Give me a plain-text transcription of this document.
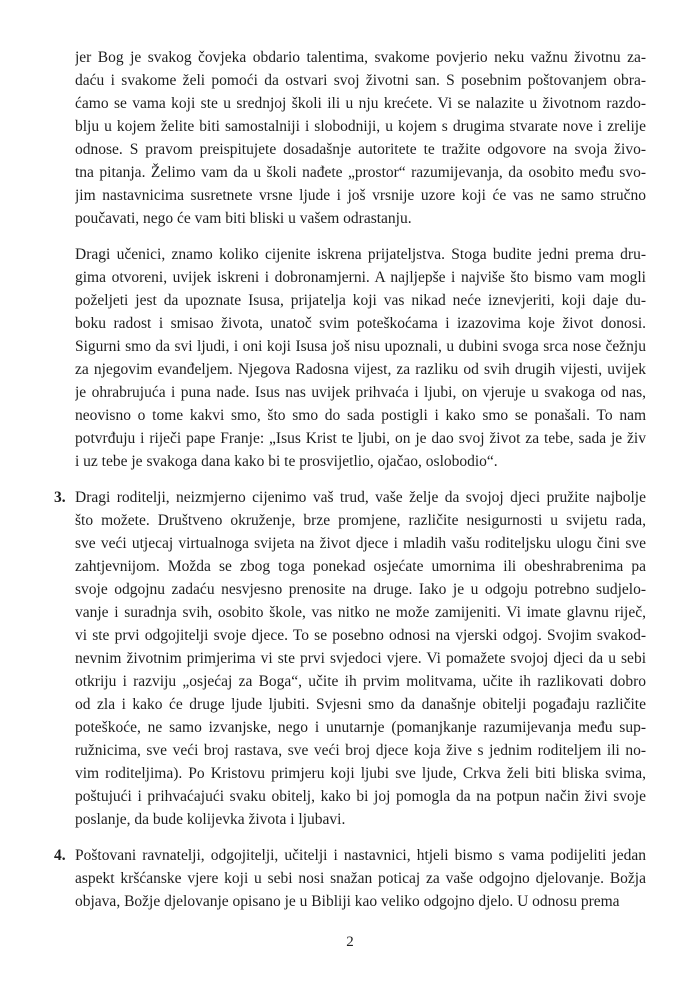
jer Bog je svakog čovjeka obdario talentima, svakome povjerio neku važnu životnu za-
daću i svakome želi pomoći da ostvari svoj životni san. S posebnim poštovanjem obra-
ćamo se vama koji ste u srednjoj školi ili u nju krećete. Vi se nalazite u životnom razdo-
blju u kojem želite biti samostalniji i slobodniji, u kojem s drugima stvarate nove i zrelije
odnose. S pravom preispitujete dosadašnje autoritete te tražite odgovore na svoja živo-
tna pitanja. Želimo vam da u školi nađete „prostor“ razumijevanja, da osobito među svo-
jim nastavnicima susretnete vrsne ljude i još vrsnije uzore koji će vas ne samo stručno
poučavati, nego će vam biti bliski u vašem odrastanju.
Dragi učenici, znamo koliko cijenite iskrena prijateljstva. Stoga budite jedni prema dru-
gima otvoreni, uvijek iskreni i dobronamjerni. A najljepše i najviše što bismo vam mogli
poželjeti jest da upoznate Isusa, prijatelja koji vas nikad neće iznevjeriti, koji daje du-
boku radost i smisao života, unatoč svim poteškoćama i izazovima koje život donosi.
Sigurni smo da svi ljudi, i oni koji Isusa još nisu upoznali, u dubini svoga srca nose čežnju
za njegovim evanđeljem. Njegova Radosna vijest, za razliku od svih drugih vijesti, uvijek
je ohrabrujuća i puna nade. Isus nas uvijek prihvaća i ljubi, on vjeruje u svakoga od nas,
neovisno o tome kakvi smo, što smo do sada postigli i kako smo se ponašali. To nam
potvrđuju i riječi pape Franje: „Isus Krist te ljubi, on je dao svoj život za tebe, sada je živ
i uz tebe je svakoga dana kako bi te prosvijetlio, ojačao, oslobodio“.
3. Dragi roditelji, neizmjerno cijenimo vaš trud, vaše želje da svojoj djeci pružite najbolje
što možete. Društveno okruženje, brze promjene, različite nesigurnosti u svijetu rada,
sve veći utjecaj virtualnoga svijeta na život djece i mladih vašu roditeljsku ulogu čini sve
zahtjevnijom. Možda se zbog toga ponekad osjećate umornima ili obeshrabrenima pa
svoje odgojnu zadaću nesvjesno prenosite na druge. Iako je u odgoju potrebno sudjelo-
vanje i suradnja svih, osobito škole, vas nitko ne može zamijeniti. Vi imate glavnu riječ,
vi ste prvi odgojitelji svoje djece. To se posebno odnosi na vjerski odgoj. Svojim svakod-
nevnim životnim primjerima vi ste prvi svjedoci vjere. Vi pomažete svojoj djeci da u sebi
otkriju i razviju „osjećaj za Boga“, učite ih prvim molitvama, učite ih razlikovati dobro
od zla i kako će druge ljude ljubiti. Svjesni smo da današnje obitelji pogađaju različite
poteškoće, ne samo izvanjske, nego i unutarnje (pomanjkanje razumijevanja među sup-
ružnicima, sve veći broj rastava, sve veći broj djece koja žive s jednim roditeljem ili no-
vim roditeljima). Po Kristovu primjeru koji ljubi sve ljude, Crkva želi biti bliska svima,
poštujući i prihvaćajući svaku obitelj, kako bi joj pomogla da na potpun način živi svoje
poslanje, da bude kolijevka života i ljubavi.
4. Poštovani ravnatelji, odgojitelji, učitelji i nastavnici, htjeli bismo s vama podijeliti jedan
aspekt kršćanske vjere koji u sebi nosi snažan poticaj za vaše odgojno djelovanje. Božja
objava, Božje djelovanje opisano je u Bibliji kao veliko odgojno djelo. U odnosu prema
2
